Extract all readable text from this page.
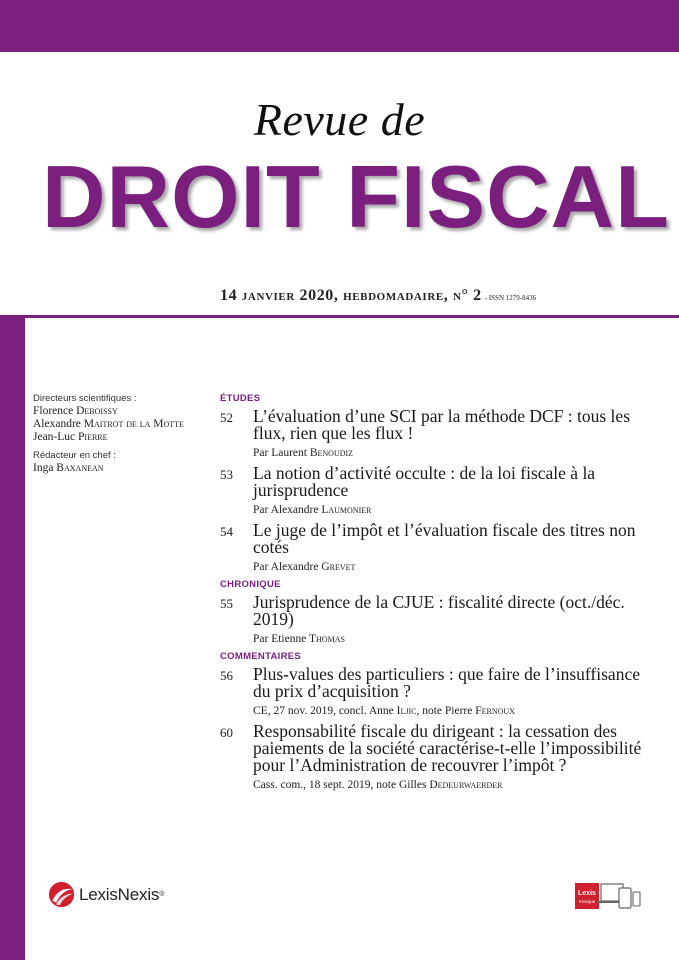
Revue de
DROIT FISCAL
14 janvier 2020, hebdomadaire, n° 2 - ISSN 1279-8436
Directeurs scientifiques :
Florence Deboissy
Alexandre Maitrot de la Motte
Jean-Luc Pierre
Rédacteur en chef :
Inga Baxanean
ÉTUDES
52 L’évaluation d’une SCI par la méthode DCF : tous les flux, rien que les flux !
Par Laurent Benoudiz
53 La notion d’activité occulte : de la loi fiscale à la jurisprudence
Par Alexandre Laumonier
54 Le juge de l’impôt et l’évaluation fiscale des titres non cotés
Par Alexandre Grevet
CHRONIQUE
55 Jurisprudence de la CJUE : fiscalité directe (oct./déc. 2019)
Par Etienne Thomas
COMMENTAIRES
56 Plus-values des particuliers : que faire de l’insuffisance du prix d’acquisition ?
CE, 27 nov. 2019, concl. Anne Iljic, note Pierre Fernoux
60 Responsabilité fiscale du dirigeant : la cessation des paiements de la société caractérise-t-elle l’impossibilité pour l’Administration de recouvrer l’impôt ?
Cass. com., 18 sept. 2019, note Gilles Dedeurwaerder
LexisNexis ®	Lexis
Kiosque
